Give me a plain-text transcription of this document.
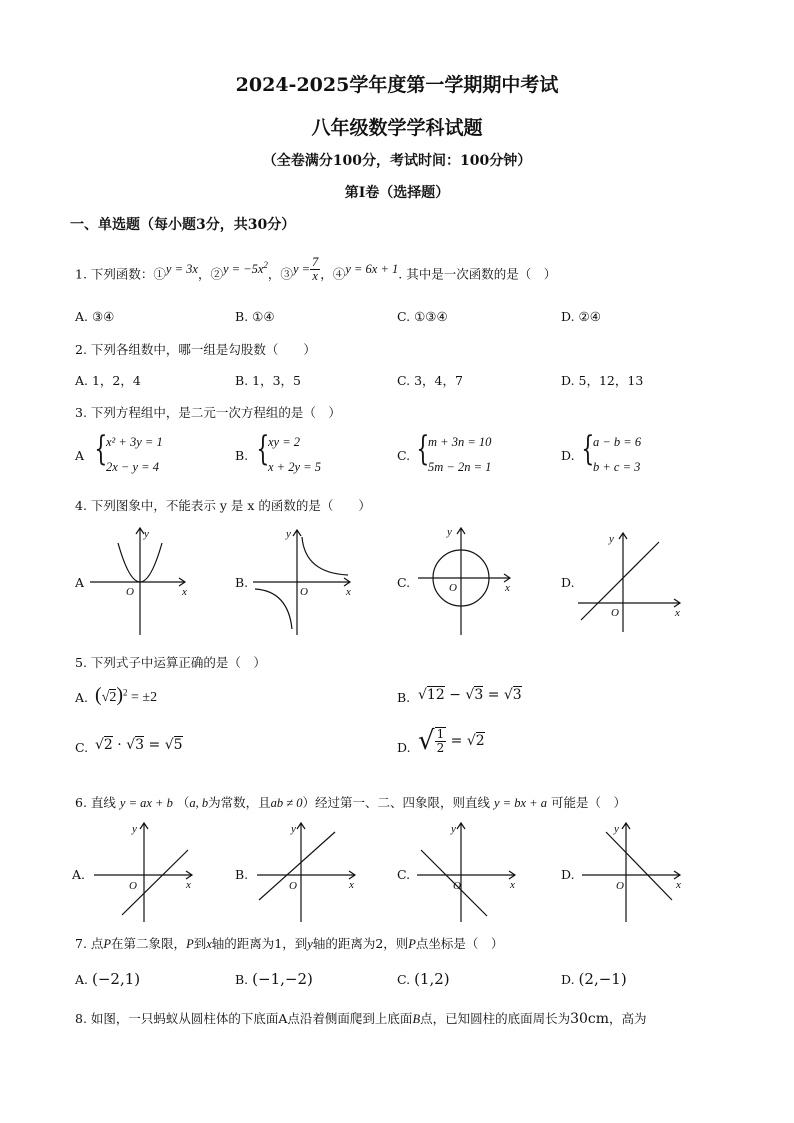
2024-2025学年度第一学期期中考试
八年级数学学科试题
（全卷满分100分，考试时间：100分钟）
第Ⅰ卷（选择题）
一、单选题（每小题3分，共30分）
1. 下列函数：①y = 3x，②y = $-5x^2$，③y = $\frac{7}{x}$ ，④y = 6x + 1. 其中是一次函数的是（　）
A. ③④	B. ①④	C. ①③④	D. ②④
2. 下列各组数中，哪一组是勾股数（　　）
A. 1，2，4	B. 1，3，5	C. 3，4，7	D. 5，12，13
3. 下列方程组中，是二元一次方程组的是（　）
A {
x² + 3y = 1
2x − y = 4
B. {
xy = 2
x + 2y = 5
C. {
m + 3n = 10
5m − 2n = 1
D. {
a − b = 6
b + c = 3
4. 下列图象中，不能表示 y 是 x 的函数的是（　　）
A	B.	C.	D.
O	x
y
O	x
y
O	x
y
O	x
y
5. 下列式子中运算正确的是（　）
A. $(√2)^2 = \pm 2$	B. √12 − √3 = √3
C. √2 · √3 = √5	D. √ $\frac{1}{2} = √2$
6. 直线 y = ax + b （a, b为常数，且ab ≠ 0）经过第一、二、四象限，则直线 y = bx + a 可能是（　）
A.	B.	C.	D.
O	x
y
O	x
y
O	x
y
O	x
y
7. 点P在第二象限，P到x轴的距离为1，到y轴的距离为2，则P点坐标是（　）
A. (−2,1)	B. (−1,−2)	C. (1,2)	D. (2,−1)
8. 如图，一只蚂蚁从圆柱体的下底面A点沿着侧面爬到上底面B点，已知圆柱的底面周长为30cm，高为
